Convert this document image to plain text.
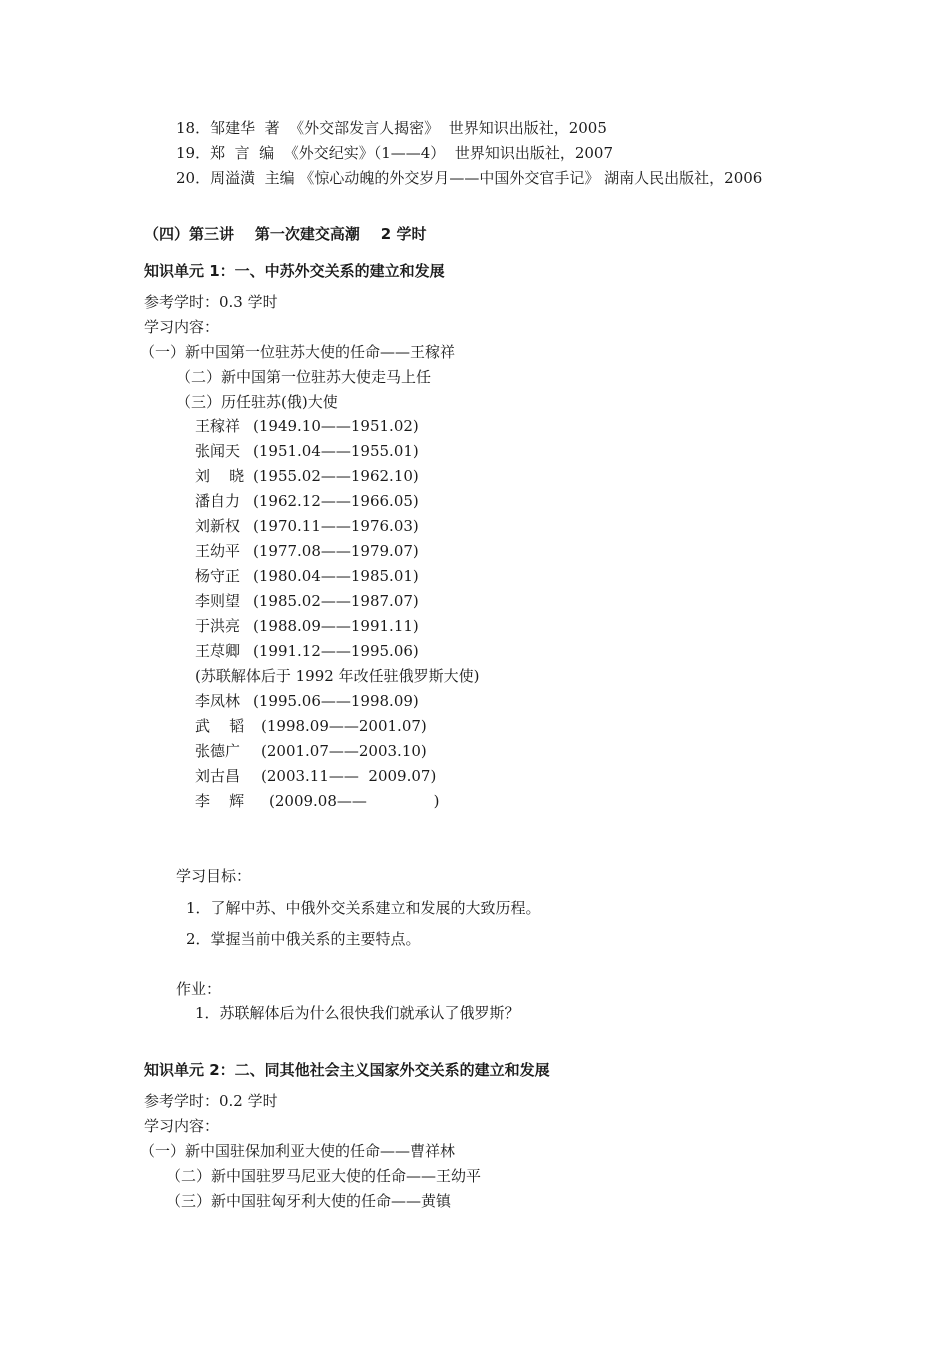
18．邹建华  著  《外交部发言人揭密》  世界知识出版社，2005
19．郑  言  编  《外交纪实》（1——4）  世界知识出版社，2007
20．周溢潢  主编 《惊心动魄的外交岁月——中国外交官手记》 湖南人民出版社，2006
（四）第三讲    第一次建交高潮    2 学时
知识单元 1：一、中苏外交关系的建立和发展
参考学时：0.3 学时
学习内容：
（一）新中国第一位驻苏大使的任命——王稼祥
（二）新中国第一位驻苏大使走马上任
（三）历任驻苏(俄)大使
王稼祥 (1949.10——1951.02)
张闻天 (1951.04——1955.01)
刘    晓 (1955.02——1962.10)
潘自力 (1962.12——1966.05)
刘新权 (1970.11——1976.03)
王幼平 (1977.08——1979.07)
杨守正 (1980.04——1985.01)
李则望 (1985.02——1987.07)
于洪亮 (1988.09——1991.11)
王荩卿 (1991.12——1995.06)
(苏联解体后于 1992 年改任驻俄罗斯大使)
李凤林 (1995.06——1998.09)
武    韬 (1998.09——2001.07)
张德广 (2001.07——2003.10)
刘古昌 (2003.11——  2009.07)
李    辉 (2009.08——              )
学习目标：
1．了解中苏、中俄外交关系建立和发展的大致历程。
2．掌握当前中俄关系的主要特点。
作业：
1．苏联解体后为什么很快我们就承认了俄罗斯？
知识单元 2：二、同其他社会主义国家外交关系的建立和发展
参考学时：0.2 学时
学习内容：
（一）新中国驻保加利亚大使的任命——曹祥林
（二）新中国驻罗马尼亚大使的任命——王幼平
（三）新中国驻匈牙利大使的任命——黄镇
